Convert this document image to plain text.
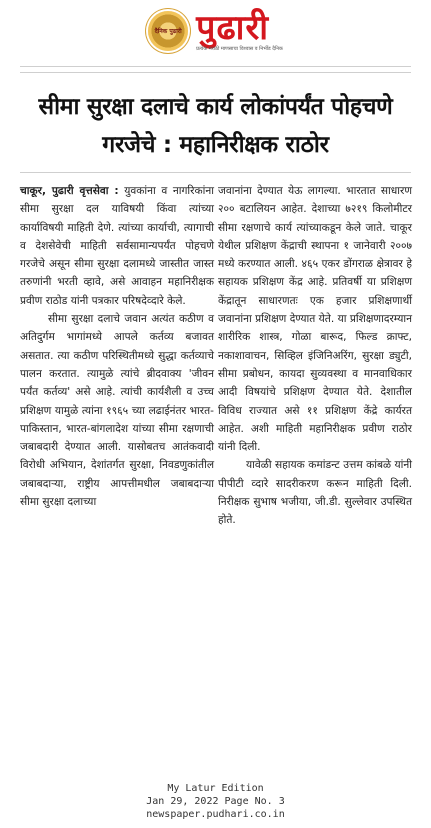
दैनिक पुढारी पुढारी
प्रत्येक मराठी माणसाचा विश्वास व निर्भीड दैनिक
सीमा सुरक्षा दलाचे कार्य लोकांपर्यंत पोहचणे गरजेचे : महानिरीक्षक राठोर

चाकूर, पुढारी वृत्तसेवा : युवकांना व नागरिकांना सीमा सुरक्षा दल याविषयी किंवा त्यांच्या कार्याविषयी माहिती देणे. त्यांच्या कार्याची, त्यागाची व देशसेवेची माहिती सर्वसामान्यपर्यंत पोहचणे गरजेचे असून सीमा सुरक्षा दलामध्ये जास्तीत जास्त तरुणांनी भरती व्हावे, असे आवाहन महानिरीक्षक प्रवीण राठोड यांनी पत्रकार परिषदेव्दारे केले.

सीमा सुरक्षा दलाचे जवान अत्यंत कठीण व अतिदुर्गम भागांमध्ये आपले कर्तव्य बजावत असतात. त्या कठीण परिस्थितीमध्ये सुद्धा कर्तव्याचे पालन करतात. त्यामुळे त्यांचे ब्रीदवाक्य 'जीवन पर्यंत कर्तव्य' असे आहे. त्यांची कार्यशैली व उच्च प्रशिक्षण यामुळे त्यांना १९६५ च्या लढाईनंतर भारत-पाकिस्तान, भारत-बांगलादेश यांच्या सीमा रक्षणाची जबाबदारी देण्यात आली. यासोबतच आतंकवादी विरोधी अभियान, देशांतर्गत सुरक्षा, निवडणुकांतील जबाबदाऱ्या, राष्ट्रीय आपत्तीमधील जबाबदाऱ्या सीमा सुरक्षा दलाच्या

जवानांना देण्यात येऊ लागल्या. भारतात साधारण २०० बटालियन आहेत. देशाच्या ७२१९ किलोमीटर सीमा रक्षणाचे कार्य त्यांच्याकडून केले जाते. चाकूर येथील प्रशिक्षण केंद्राची स्थापना १ जानेवारी २००७ मध्ये करण्यात आली. ४६५ एकर डोंगराळ क्षेत्रावर हे सहायक प्रशिक्षण केंद्र आहे. प्रतिवर्षी या प्रशिक्षण केंद्रातून साधारणतः एक हजार प्रशिक्षणार्थी जवानांना प्रशिक्षण देण्यात येते. या प्रशिक्षणादरम्यान शारीरिक शास्त्र, गोळा बारूद, फिल्ड क्राफ्ट, नकाशावाचन, सिव्हिल इंजिनिअरिंग, सुरक्षा ड्युटी, सीमा प्रबोधन, कायदा सुव्यवस्था व मानवाधिकार आदी विषयांचे प्रशिक्षण देण्यात येते. देशातील विविध राज्यात असे ११ प्रशिक्षण केंद्रे कार्यरत आहेत. अशी माहिती महानिरीक्षक प्रवीण राठोर यांनी दिली.

यावेळी सहायक कमांडन्ट उत्तम कांबळे यांनी पीपीटी व्दारे सादरीकरण करून माहिती दिली. निरीक्षक सुभाष भजीया, जी.डी. सुल्लेवार उपस्थित होते.

My Latur Edition
Jan 29, 2022 Page No. 3
newspaper.pudhari.co.in
